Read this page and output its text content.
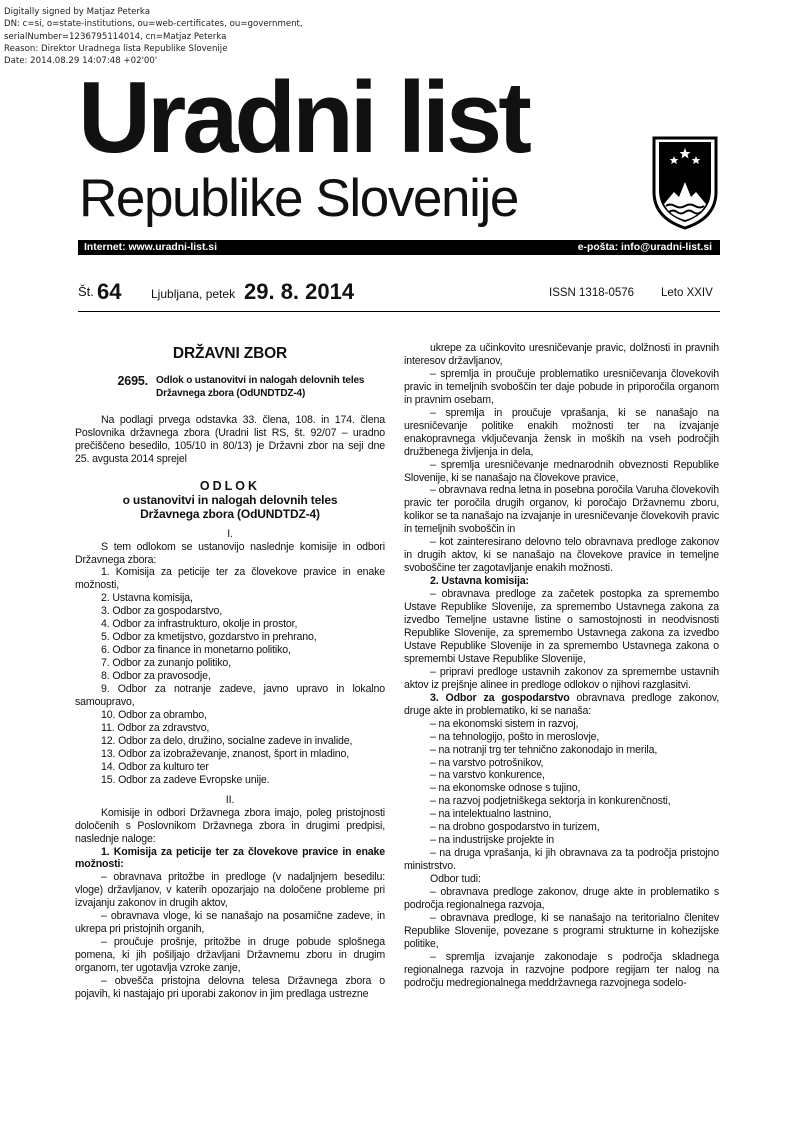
Digitally signed by Matjaz Peterka
DN: c=si, o=state-institutions, ou=web-certificates, ou=government,
serialNumber=1236795114014, cn=Matjaz Peterka
Reason: Direktor Uradnega lista Republike Slovenije
Date: 2014.08.29 14:07:48 +02'00'
Uradni list
Republike Slovenije
Internet: www.uradni-list.si	e-pošta: info@uradni-list.si
Št. 64 Ljubljana, petek 29. 8. 2014	ISSN 1318-0576 Leto XXIV
DRŽAVNI ZBOR
2695. Odlok o ustanovitvi in nalogah delovnih teles Državnega zbora (OdUNDTDZ-4)
Na podlagi prvega odstavka 33. člena, 108. in 174. člena Poslovnika državnega zbora (Uradni list RS, št. 92/07 – uradno prečiščeno besedilo, 105/10 in 80/13) je Državni zbor na seji dne 25. avgusta 2014 sprejel
ODLOK
o ustanovitvi in nalogah delovnih teles
Državnega zbora (OdUNDTDZ-4)
I.
S tem odlokom se ustanovijo naslednje komisije in odbori Državnega zbora:
1. Komisija za peticije ter za človekove pravice in enake možnosti,
2. Ustavna komisija,
3. Odbor za gospodarstvo,
4. Odbor za infrastrukturo, okolje in prostor,
5. Odbor za kmetijstvo, gozdarstvo in prehrano,
6. Odbor za finance in monetarno politiko,
7. Odbor za zunanjo politiko,
8. Odbor za pravosodje,
9. Odbor za notranje zadeve, javno upravo in lokalno samoupravo,
10. Odbor za obrambo,
11. Odbor za zdravstvo,
12. Odbor za delo, družino, socialne zadeve in invalide,
13. Odbor za izobraževanje, znanost, šport in mladino,
14. Odbor za kulturo ter
15. Odbor za zadeve Evropske unije.
II.
Komisije in odbori Državnega zbora imajo, poleg pristojnosti določenih s Poslovnikom Državnega zbora in drugimi predpisi, naslednje naloge:
1. Komisija za peticije ter za človekove pravice in enake možnosti:
– obravnava pritožbe in predloge (v nadaljnjem besedilu: vloge) državljanov, v katerih opozarjajo na določene probleme pri izvajanju zakonov in drugih aktov,
– obravnava vloge, ki se nanašajo na posamične zadeve, in ukrepa pri pristojnih organih,
– proučuje prošnje, pritožbe in druge pobude splošnega pomena, ki jih pošiljajo državljani Državnemu zboru in drugim organom, ter ugotavlja vzroke zanje,
– obvešča pristojna delovna telesa Državnega zbora o pojavih, ki nastajajo pri uporabi zakonov in jim predlaga ustrezne
ukrepe za učinkovito uresničevanje pravic, dolžnosti in pravnih interesov državljanov,
– spremlja in proučuje problematiko uresničevanja človekovih pravic in temeljnih svoboščin ter daje pobude in priporočila organom in pravnim osebam,
– spremlja in proučuje vprašanja, ki se nanašajo na uresničevanje politike enakih možnosti ter na izvajanje enakopravnega vključevanja žensk in moških na vseh področjih družbenega življenja in dela,
– spremlja uresničevanje mednarodnih obveznosti Republike Slovenije, ki se nanašajo na človekove pravice,
– obravnava redna letna in posebna poročila Varuha človekovih pravic ter poročila drugih organov, ki poročajo Državnemu zboru, kolikor se ta nanašajo na izvajanje in uresničevanje človekovih pravic in temeljnih svoboščin in
– kot zainteresirano delovno telo obravnava predloge zakonov in drugih aktov, ki se nanašajo na človekove pravice in temeljne svoboščine ter zagotavljanje enakih možnosti.
2. Ustavna komisija:
– obravnava predloge za začetek postopka za spremembo Ustave Republike Slovenije, za spremembo Ustavnega zakona za izvedbo Temeljne ustavne listine o samostojnosti in neodvisnosti Republike Slovenije, za spremembo Ustavnega zakona za izvedbo Ustave Republike Slovenije in za spremembo Ustavnega zakona o spremembi Ustave Republike Slovenije,
– pripravi predloge ustavnih zakonov za spremembe ustavnih aktov iz prejšnje alinee in predloge odlokov o njihovi razglasitvi.
3. Odbor za gospodarstvo obravnava predloge zakonov, druge akte in problematiko, ki se nanaša:
– na ekonomski sistem in razvoj,
– na tehnologijo, pošto in meroslovje,
– na notranji trg ter tehnično zakonodajo in merila,
– na varstvo potrošnikov,
– na varstvo konkurence,
– na ekonomske odnose s tujino,
– na razvoj podjetniškega sektorja in konkurenčnosti,
– na intelektualno lastnino,
– na drobno gospodarstvo in turizem,
– na industrijske projekte in
– na druga vprašanja, ki jih obravnava za ta področja pristojno ministrstvo.
Odbor tudi:
– obravnava predloge zakonov, druge akte in problematiko s področja regionalnega razvoja,
– obravnava predloge, ki se nanašajo na teritorialno členitev Republike Slovenije, povezane s programi strukturne in kohezijske politike,
– spremlja izvajanje zakonodaje s področja skladnega regionalnega razvoja in razvojne podpore regijam ter nalog na področju medregionalnega meddržavnega razvojnega sodelo-
